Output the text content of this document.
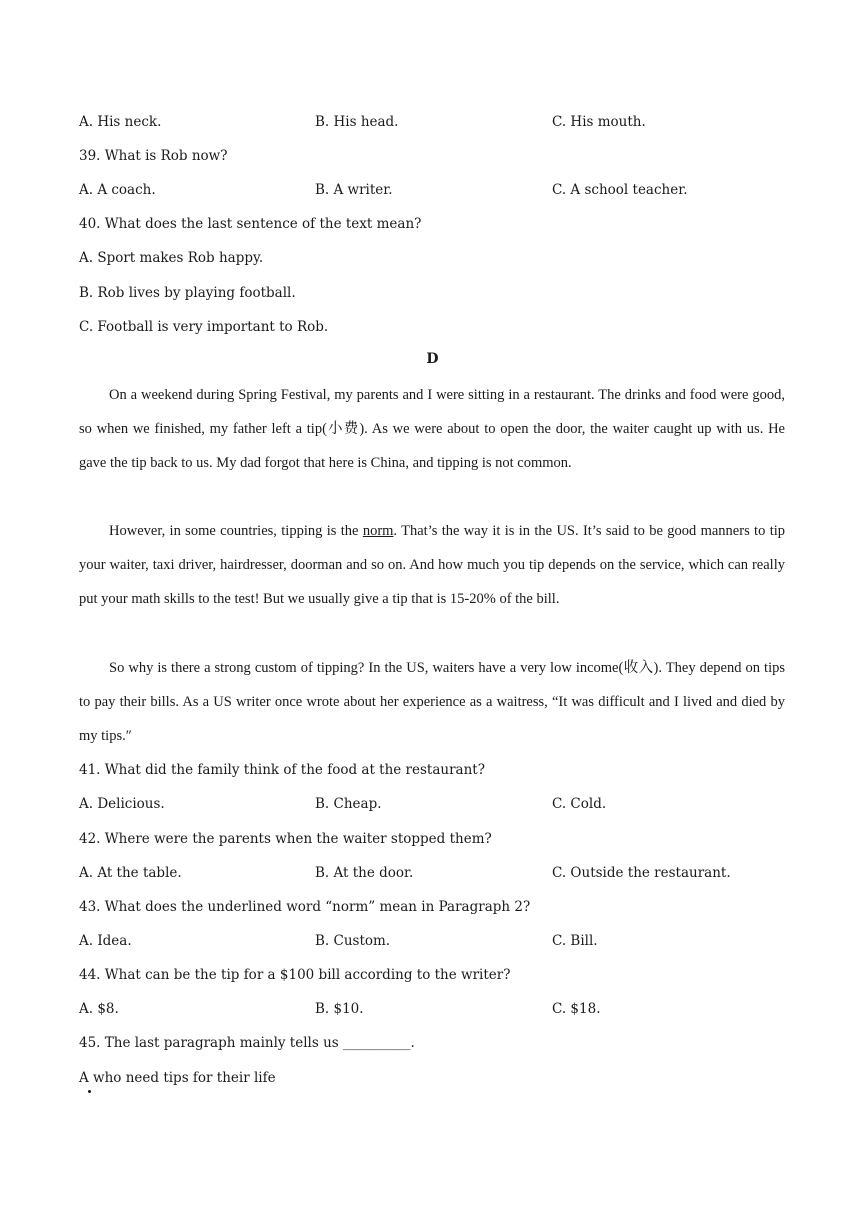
A. His neck.	B. His head.	C. His mouth.
39. What is Rob now?
A. A coach.	B. A writer.	C. A school teacher.
40. What does the last sentence of the text mean?
A. Sport makes Rob happy.
B. Rob lives by playing football.
C. Football is very important to Rob.
D
On a weekend during Spring Festival, my parents and I were sitting in a restaurant. The drinks and food were good, so when we finished, my father left a tip(小费). As we were about to open the door, the waiter caught up with us. He gave the tip back to us. My dad forgot that here is China, and tipping is not common.
However, in some countries, tipping is the norm. That’s the way it is in the US. It’s said to be good manners to tip your waiter, taxi driver, hairdresser, doorman and so on. And how much you tip depends on the service, which can really put your math skills to the test! But we usually give a tip that is 15-20% of the bill.
So why is there a strong custom of tipping? In the US, waiters have a very low income(收入). They depend on tips to pay their bills. As a US writer once wrote about her experience as a waitress, “It was difficult and I lived and died by my tips.″
41. What did the family think of the food at the restaurant?
A. Delicious.	B. Cheap.	C. Cold.
42. Where were the parents when the waiter stopped them?
A. At the table.	B. At the door.	C. Outside the restaurant.
43. What does the underlined word “norm” mean in Paragraph 2?
A. Idea.	B. Custom.	C. Bill.
44. What can be the tip for a $100 bill according to the writer?
A. $8.	B. $10.	C. $18.
45. The last paragraph mainly tells us __________.
A who need tips for their life
